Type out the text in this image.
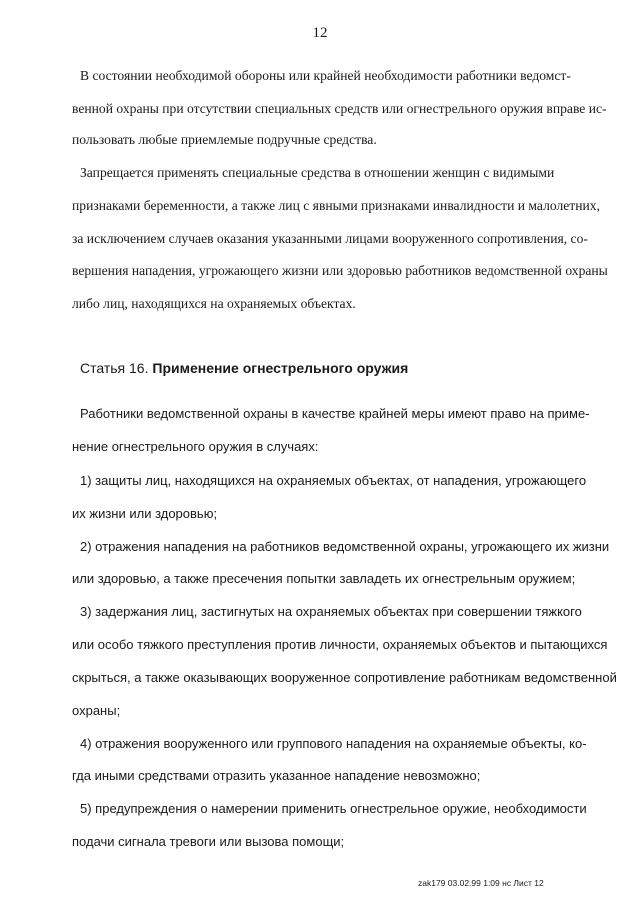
12
В состоянии необходимой обороны или крайней необходимости работники ведомст-
венной охраны при отсутствии специальных средств или огнестрельного оружия вправе ис-
пользовать любые приемлемые подручные средства.
Запрещается применять специальные средства в отношении женщин с видимыми
признаками беременности, а также лиц с явными признаками инвалидности и малолетних,
за исключением случаев оказания указанными лицами вооруженного сопротивления, со-
вершения нападения, угрожающего жизни или здоровью работников ведомственной охраны
либо лиц, находящихся на охраняемых объектах.
Статья 16. Применение огнестрельного оружия
Работники ведомственной охраны в качестве крайней меры имеют право на приме-
нение огнестрельного оружия в случаях:
1) защиты лиц, находящихся на охраняемых объектах, от нападения, угрожающего
их жизни или здоровью;
2) отражения нападения на работников ведомственной охраны, угрожающего их жизни
или здоровью, а также пресечения попытки завладеть их огнестрельным оружием;
3) задержания лиц, застигнутых на охраняемых объектах при совершении тяжкого
или особо тяжкого преступления против личности, охраняемых объектов и пытающихся
скрыться, а также оказывающих вооруженное сопротивление работникам ведомственной
охраны;
4) отражения вооруженного или группового нападения на охраняемые объекты, ко-
гда иными средствами отразить указанное нападение невозможно;
5) предупреждения о намерении применить огнестрельное оружие, необходимости
подачи сигнала тревоги или вызова помощи;
zak179 03.02.99 1:09 нс Лист 12
